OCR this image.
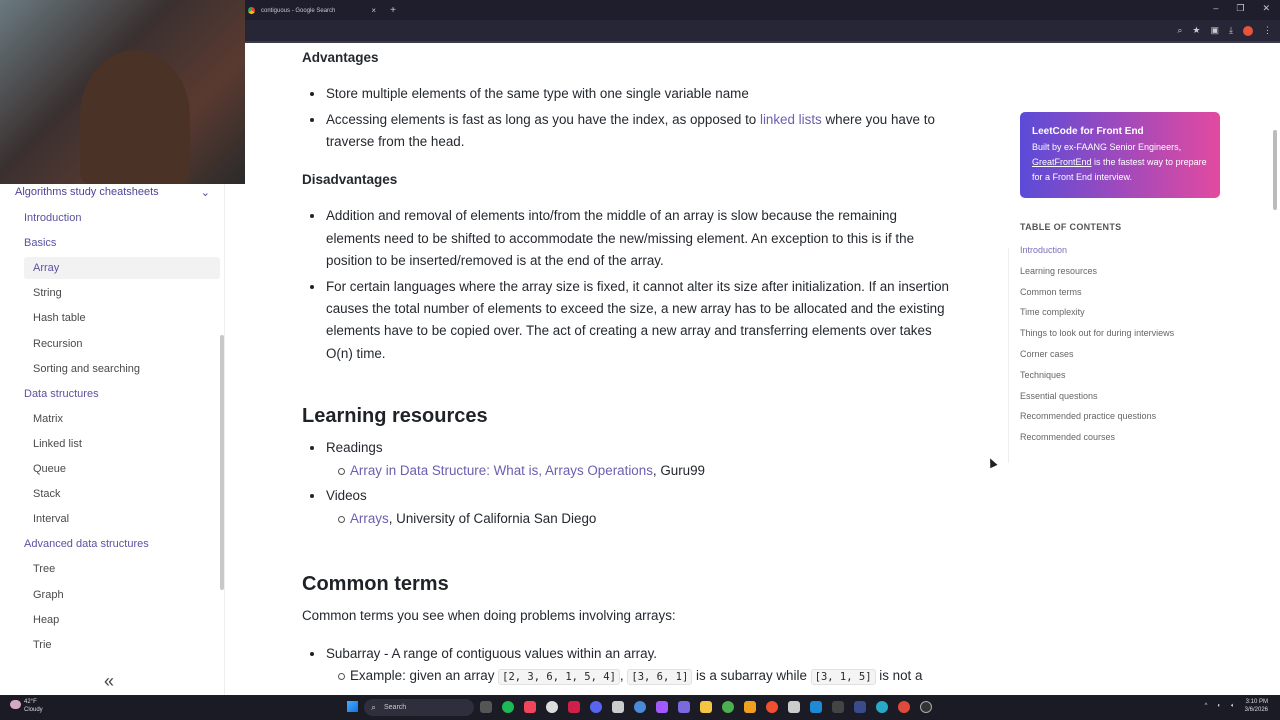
contiguous - Google Search	× +	– ❐ ✕
⌕ ★ ▣ ⤓	⋮
Algorithms study cheatsheets	⌄
Introduction
Basics
Array
String
Hash table
Recursion
Sorting and searching
Data structures
Matrix
Linked list
Queue
Stack
Interval
Advanced data structures
Tree
Graph
Heap
Trie
«
Advantages
Store multiple elements of the same type with one single variable name
Accessing elements is fast as long as you have the index, as opposed to linked lists where you have to traverse from the head.
Disadvantages
Addition and removal of elements into/from the middle of an array is slow because the remaining elements need to be shifted to accommodate the new/missing element. An exception to this is if the position to be inserted/removed is at the end of the array.
For certain languages where the array size is fixed, it cannot alter its size after initialization. If an insertion causes the total number of elements to exceed the size, a new array has to be allocated and the existing elements have to be copied over. The act of creating a new array and transferring elements over takes O(n) time.
Learning resources
Readings
Array in Data Structure: What is, Arrays Operations, Guru99
Videos
Arrays, University of California San Diego
Common terms

Common terms you see when doing problems involving arrays:

Subarray - A range of contiguous values within an array.
Example: given an array [2, 3, 6, 1, 5, 4] , [3, 6, 1] is a subarray while [3, 1, 5] is not a
LeetCode for Front End
Built by ex-FAANG Senior Engineers,
GreatFrontEnd is the fastest way to prepare for a Front End interview.
TABLE OF CONTENTS
Introduction
Learning resources
Common terms
Time complexity
Things to look out for during interviews
Corner cases
Techniques
Essential questions
Recommended practice questions
Recommended courses
42°F
Cloudy	⌕ Search	^ ◐ 🔈︎
3:10 PM
3/6/2026
